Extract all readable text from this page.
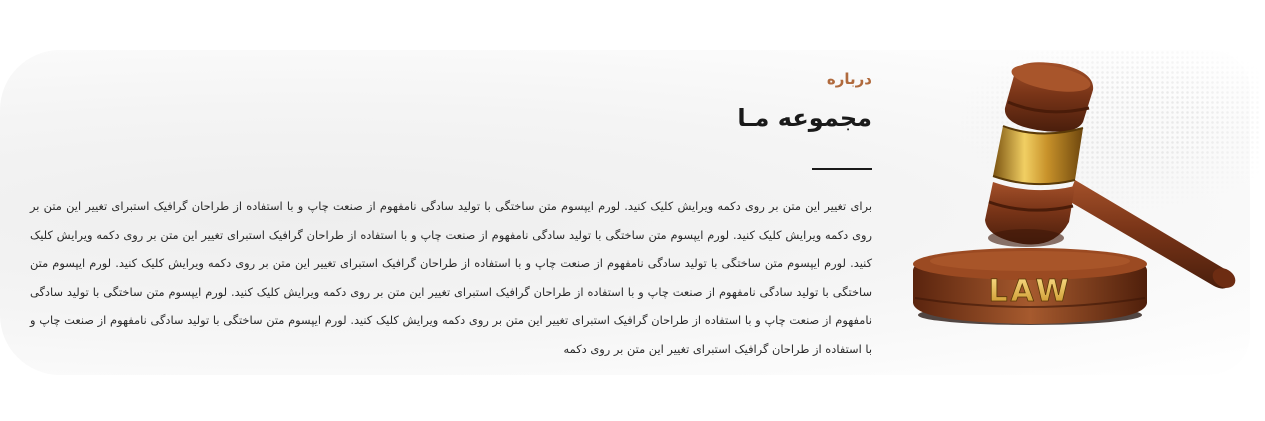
درباره
مجموعه مـا

برای تغییر این متن بر روی دکمه ویرایش کلیک کنید. لورم ایپسوم متن ساختگی با تولید سادگی نامفهوم از صنعت چاپ و با استفاده از طراحان گرافیک استبرای تغییر این متن بر روی دکمه ویرایش کلیک کنید. لورم ایپسوم متن ساختگی با تولید سادگی نامفهوم از صنعت چاپ و با استفاده از طراحان گرافیک استبرای تغییر این متن بر روی دکمه ویرایش کلیک کنید. لورم ایپسوم متن ساختگی با تولید سادگی نامفهوم از صنعت چاپ و با استفاده از طراحان گرافیک استبرای تغییر این متن بر روی دکمه ویرایش کلیک کنید. لورم ایپسوم متن ساختگی با تولید سادگی نامفهوم از صنعت چاپ و با استفاده از طراحان گرافیک استبرای تغییر این متن بر روی دکمه ویرایش کلیک کنید. لورم ایپسوم متن ساختگی با تولید سادگی نامفهوم از صنعت چاپ و با استفاده از طراحان گرافیک استبرای تغییر این متن بر روی دکمه ویرایش کلیک کنید. لورم ایپسوم متن ساختگی با تولید سادگی نامفهوم از صنعت چاپ و با استفاده از طراحان گرافیک استبرای تغییر این متن بر روی دکمه

LAW
